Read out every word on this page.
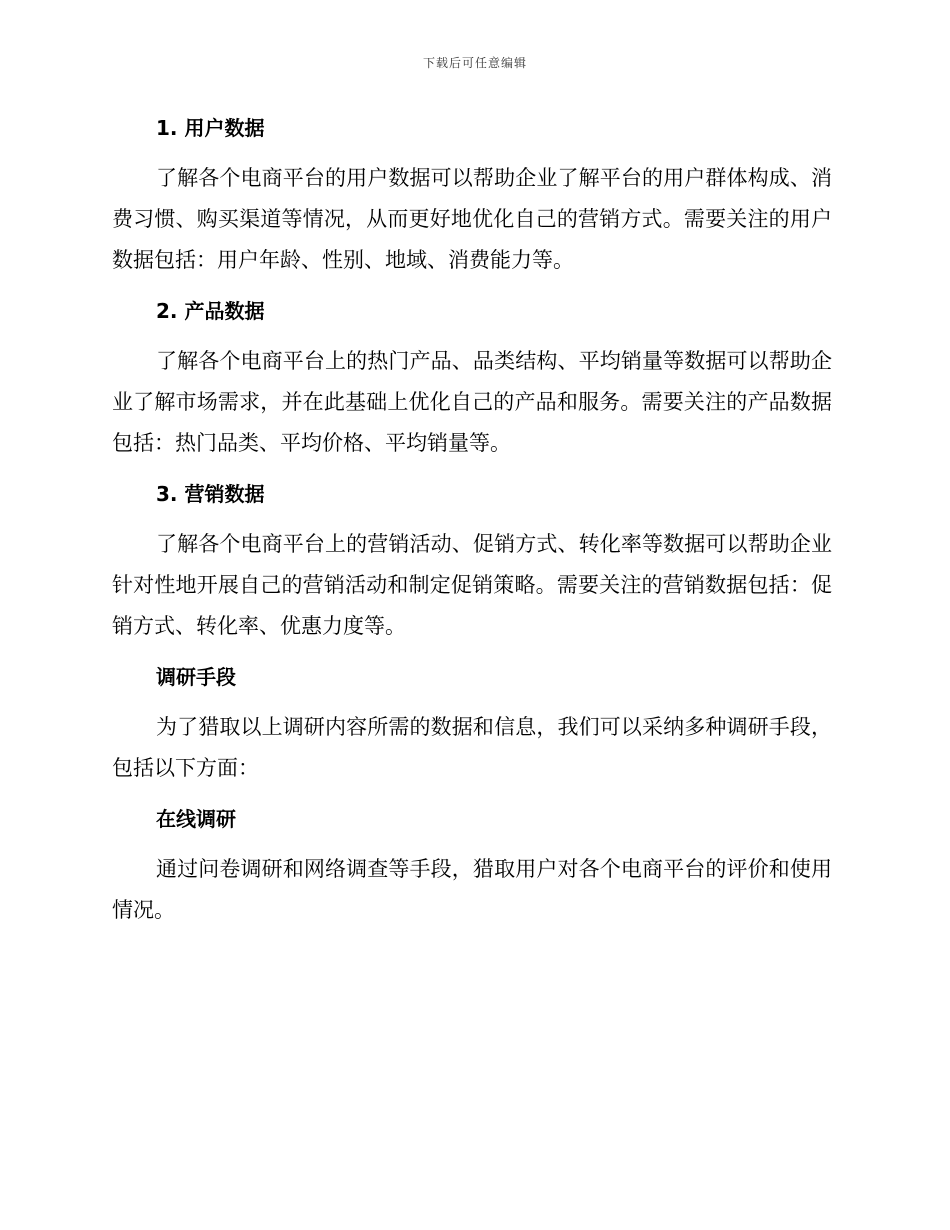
下载后可任意编辑

1. 用户数据

了解各个电商平台的用户数据可以帮助企业了解平台的用户群体构成、消费习惯、购买渠道等情况，从而更好地优化自己的营销方式。需要关注的用户数据包括：用户年龄、性别、地域、消费能力等。

2. 产品数据

了解各个电商平台上的热门产品、品类结构、平均销量等数据可以帮助企业了解市场需求，并在此基础上优化自己的产品和服务。需要关注的产品数据包括：热门品类、平均价格、平均销量等。

3. 营销数据

了解各个电商平台上的营销活动、促销方式、转化率等数据可以帮助企业针对性地开展自己的营销活动和制定促销策略。需要关注的营销数据包括：促销方式、转化率、优惠力度等。

调研手段

为了猎取以上调研内容所需的数据和信息，我们可以采纳多种调研手段，包括以下方面：

在线调研

通过问卷调研和网络调查等手段，猎取用户对各个电商平台的评价和使用情况。
